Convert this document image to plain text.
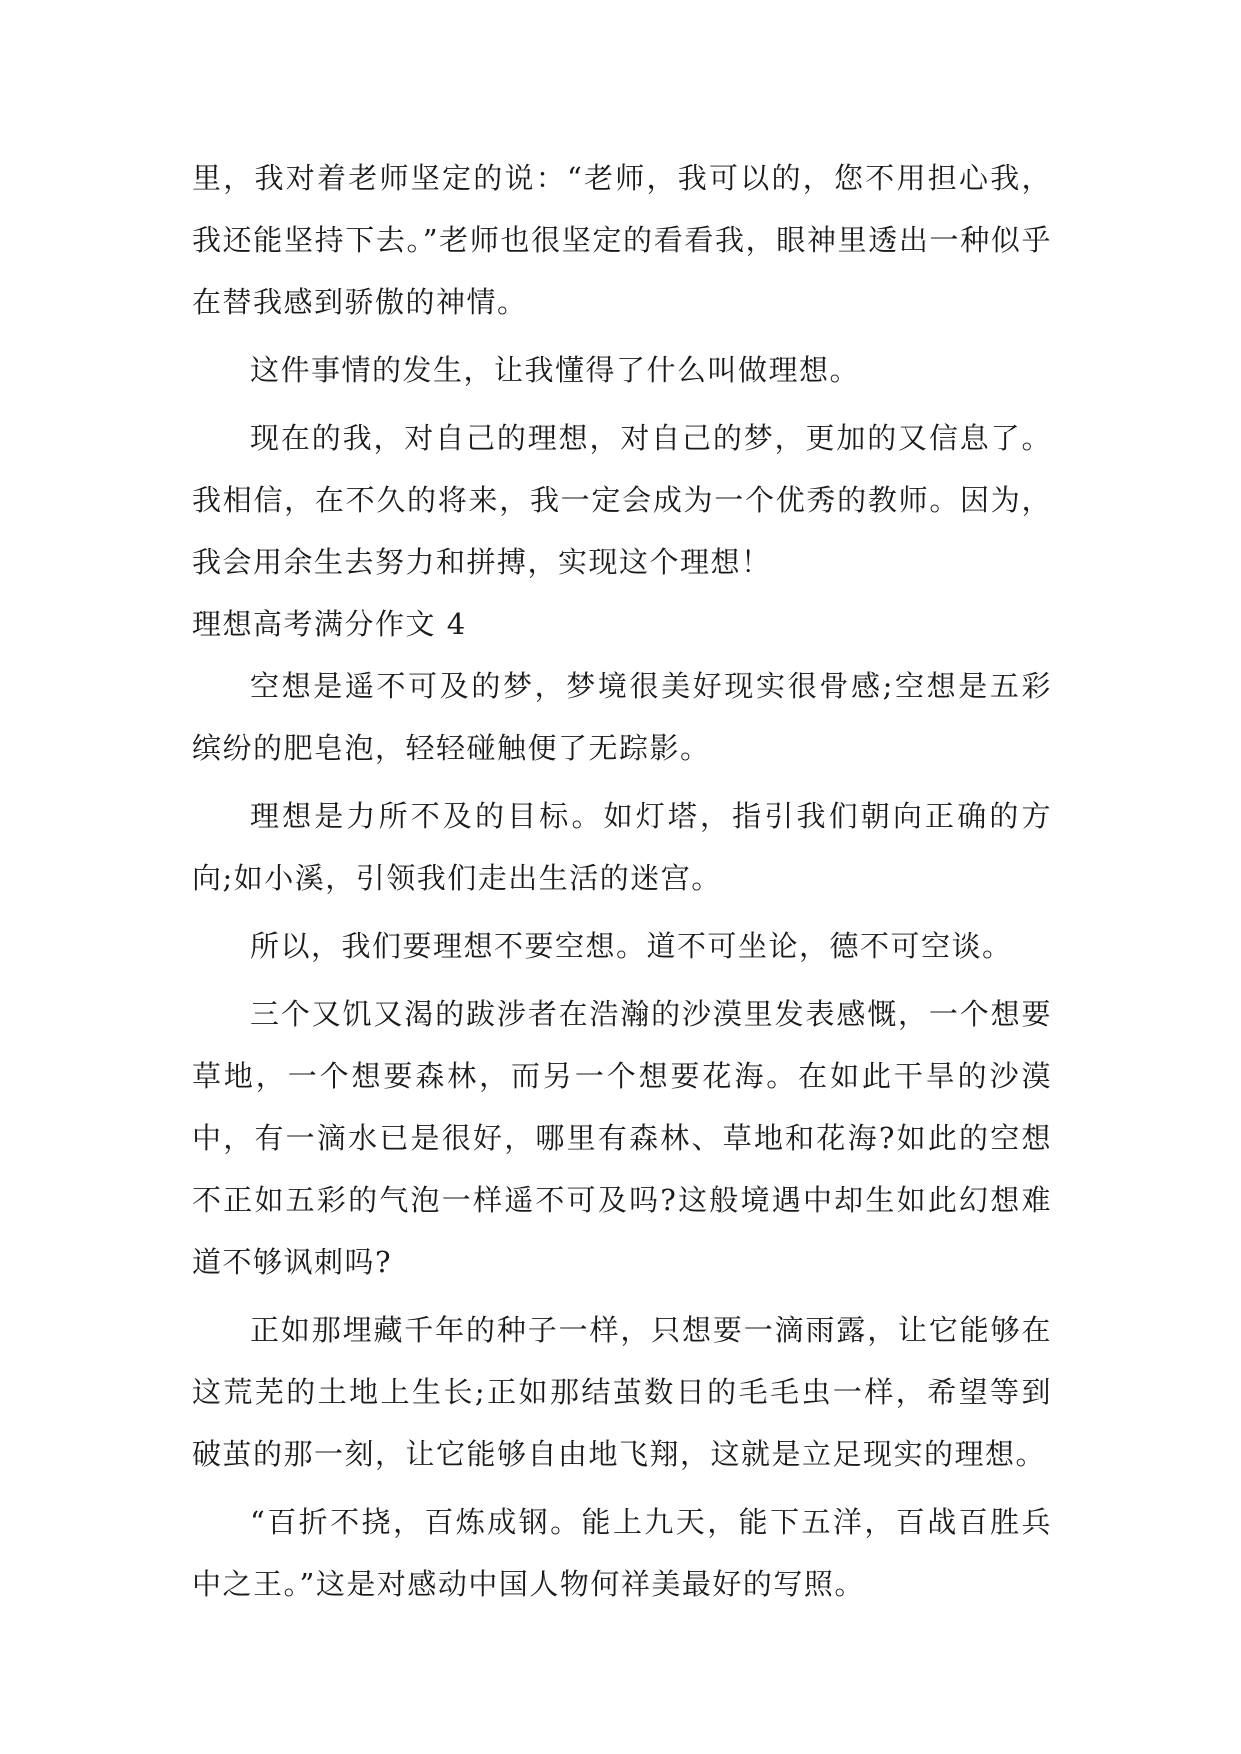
里，我对着老师坚定的说：“老师，我可以的，您不用担心我，我还能坚持下去。”老师也很坚定的看看我，眼神里透出一种似乎在替我感到骄傲的神情。

这件事情的发生，让我懂得了什么叫做理想。

现在的我，对自己的理想，对自己的梦，更加的又信息了。我相信，在不久的将来，我一定会成为一个优秀的教师。因为，我会用余生去努力和拼搏，实现这个理想！

理想高考满分作文 4

空想是遥不可及的梦，梦境很美好现实很骨感;空想是五彩缤纷的肥皂泡，轻轻碰触便了无踪影。

理想是力所不及的目标。如灯塔，指引我们朝向正确的方向;如小溪，引领我们走出生活的迷宫。

所以，我们要理想不要空想。道不可坐论，德不可空谈。

三个又饥又渴的跋涉者在浩瀚的沙漠里发表感慨，一个想要草地，一个想要森林，而另一个想要花海。在如此干旱的沙漠中，有一滴水已是很好，哪里有森林、草地和花海?如此的空想不正如五彩的气泡一样遥不可及吗?这般境遇中却生如此幻想难道不够讽刺吗?

正如那埋藏千年的种子一样，只想要一滴雨露，让它能够在这荒芜的土地上生长;正如那结茧数日的毛毛虫一样，希望等到破茧的那一刻，让它能够自由地飞翔，这就是立足现实的理想。

“百折不挠，百炼成钢。能上九天，能下五洋，百战百胜兵中之王。”这是对感动中国人物何祥美最好的写照。
